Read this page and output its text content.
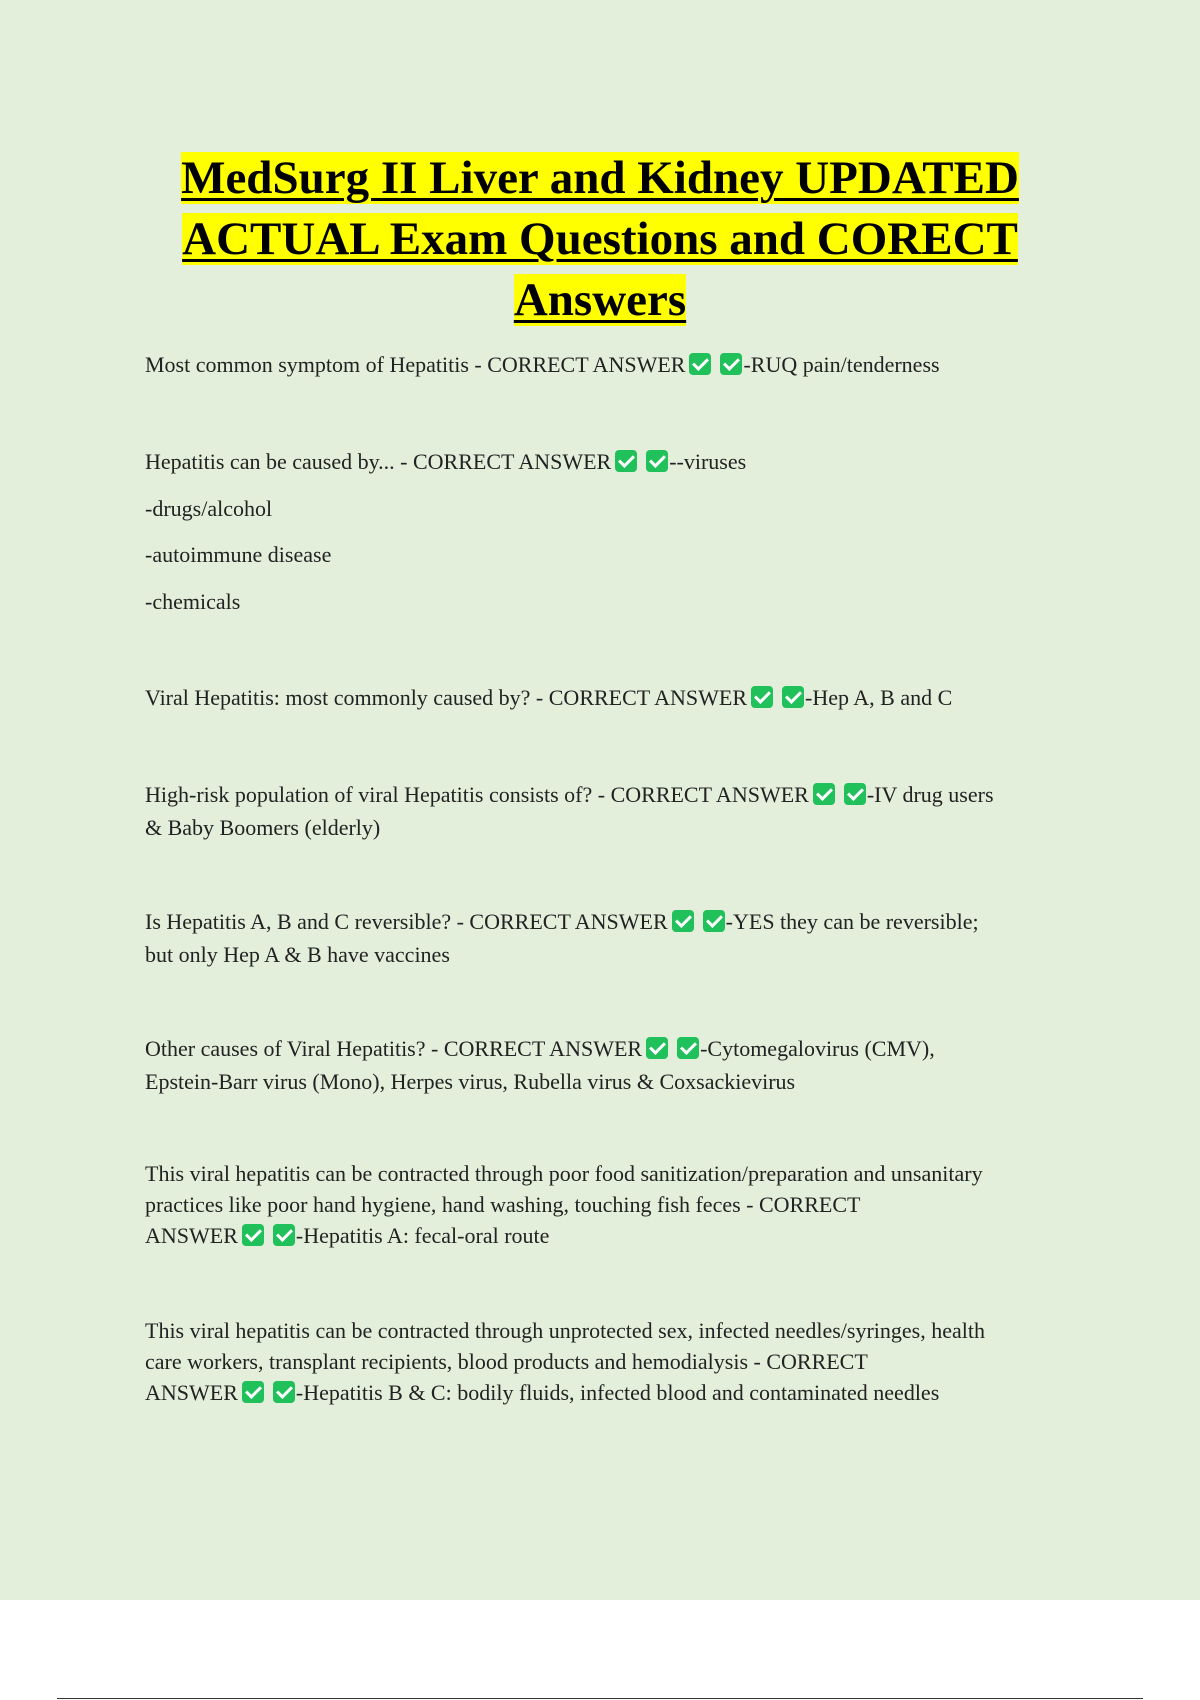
MedSurg II Liver and Kidney UPDATED
ACTUAL Exam Questions and CORECT
Answers
Most common symptom of Hepatitis - CORRECT ANSWER	-RUQ pain/tenderness
Hepatitis can be caused by... - CORRECT ANSWER	--viruses
-drugs/alcohol
-autoimmune disease
-chemicals
Viral Hepatitis: most commonly caused by? - CORRECT ANSWER	-Hep A, B and C
High-risk population of viral Hepatitis consists of? - CORRECT ANSWER	-IV drug users
& Baby Boomers (elderly)
Is Hepatitis A, B and C reversible? - CORRECT ANSWER	-YES they can be reversible;
but only Hep A & B have vaccines
Other causes of Viral Hepatitis? - CORRECT ANSWER	-Cytomegalovirus (CMV),
Epstein-Barr virus (Mono), Herpes virus, Rubella virus & Coxsackievirus
This viral hepatitis can be contracted through poor food sanitization/preparation and unsanitary
practices like poor hand hygiene, hand washing, touching fish feces - CORRECT
ANSWER	-Hepatitis A: fecal-oral route
This viral hepatitis can be contracted through unprotected sex, infected needles/syringes, health
care workers, transplant recipients, blood products and hemodialysis - CORRECT
ANSWER	-Hepatitis B & C: bodily fluids, infected blood and contaminated needles
